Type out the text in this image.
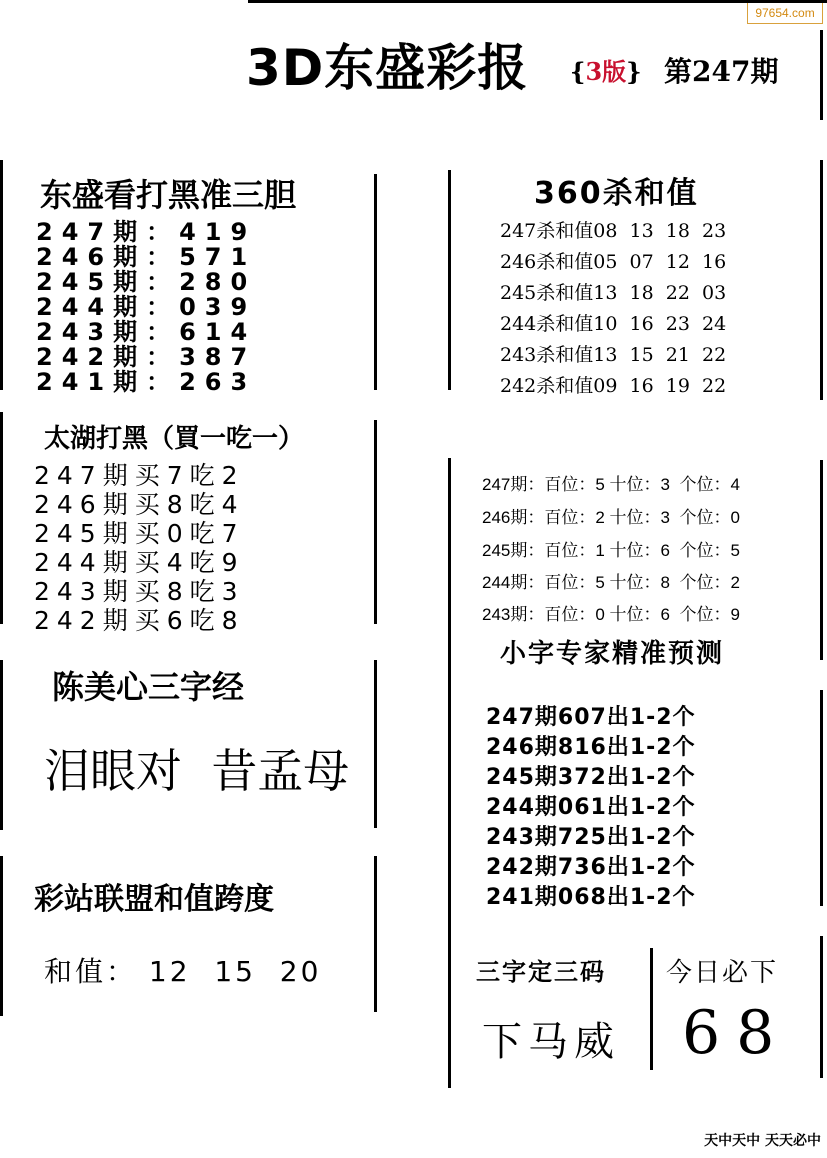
97654.com
3D东盛彩报 {3版} 第247期
东盛看打黑准三胆
247期：419
246期：571
245期：280
244期：039
243期：614
242期：387
241期：263
太湖打黑（買一吃一）
247期买7吃2
246期买8吃4
245期买0吃7
244期买4吃9
243期买8吃3
242期买6吃8
陈美心三字经
泪眼对  昔孟母
彩站联盟和值跨度
和值： 12  15  20
360杀和值
247杀和值08  13  18  23
246杀和值05  07  12  16
245杀和值13  18  22  03
244杀和值10  16  23  24
243杀和值13  15  21  22
242杀和值09  16  19  22
247期：百位：5 十位：3  个位：4
246期：百位：2 十位：3  个位：0
245期：百位：1 十位：6  个位：5
244期：百位：5 十位：8  个位：2
243期：百位：0 十位：6  个位：9
小字专家精准预测
247期607出1-2个
246期816出1-2个
245期372出1-2个
244期061出1-2个
243期725出1-2个
242期736出1-2个
241期068出1-2个
三字定三码
下马威
今日必下
68
天中天中 天天必中
